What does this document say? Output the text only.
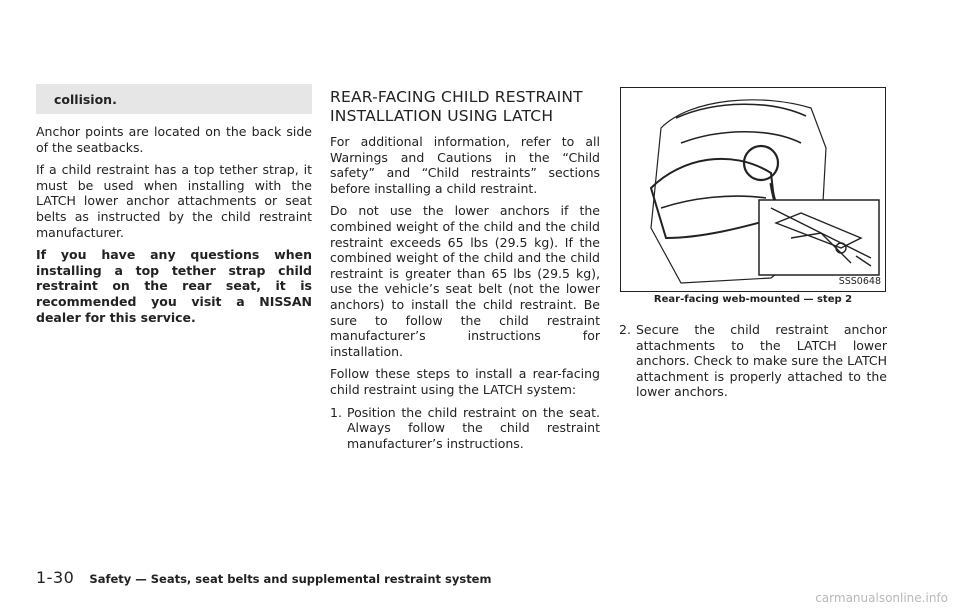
collision.

Anchor points are located on the back side of the seatbacks.

If a child restraint has a top tether strap, it must be used when installing with the LATCH lower anchor attachments or seat belts as instructed by the child restraint manufacturer.

If you have any questions when installing a top tether strap child restraint on the rear seat, it is recommended you visit a NISSAN dealer for this service.

REAR-FACING CHILD RESTRAINT INSTALLATION USING LATCH

For additional information, refer to all Warnings and Cautions in the “Child safety” and “Child restraints” sections before installing a child restraint.

Do not use the lower anchors if the combined weight of the child and the child restraint exceeds 65 lbs (29.5 kg). If the combined weight of the child and the child restraint is greater than 65 lbs (29.5 kg), use the vehicle’s seat belt (not the lower anchors) to install the child restraint. Be sure to follow the child restraint manufacturer’s instructions for installation.

Follow these steps to install a rear-facing child restraint using the LATCH system:

1. Position the child restraint on the seat. Always follow the child restraint manufacturer’s instructions.
SSS0648
Rear-facing web-mounted — step 2
2. Secure the child restraint anchor attachments to the LATCH lower anchors. Check to make sure the LATCH attachment is properly attached to the lower anchors.
1-30 Safety — Seats, seat belts and supplemental restraint system
carmanualsonline.info
